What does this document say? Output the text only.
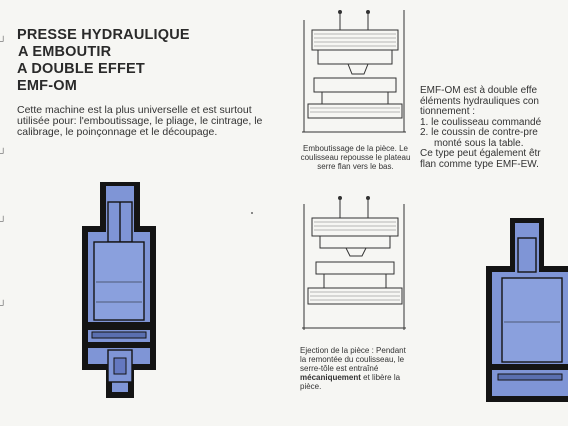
PRESSE HYDRAULIQUE
A EMBOUTIR
A DOUBLE EFFET
EMF-OM

Cette machine est la plus universelle et est surtout utilisée pour: l'emboutissage, le pliage, le cintrage, le calibrage, le poinçonnage et le découpage.

┘
┘
┘
┘
Emboutissage de la pièce. Le coulisseau repousse le plateau serre flan vers le bas.
Ejection de la pièce : Pendant la remontée du coulisseau, le serre-tôle est entraîné mécaniquement et libère la pièce.
EMF-OM est à double effe
éléments hydrauliques con
tionnement :
1. le coulisseau commandé
2. le coussin de contre-pre
monté sous la table.
Ce type peut également êtr
flan comme type EMF-EW.
